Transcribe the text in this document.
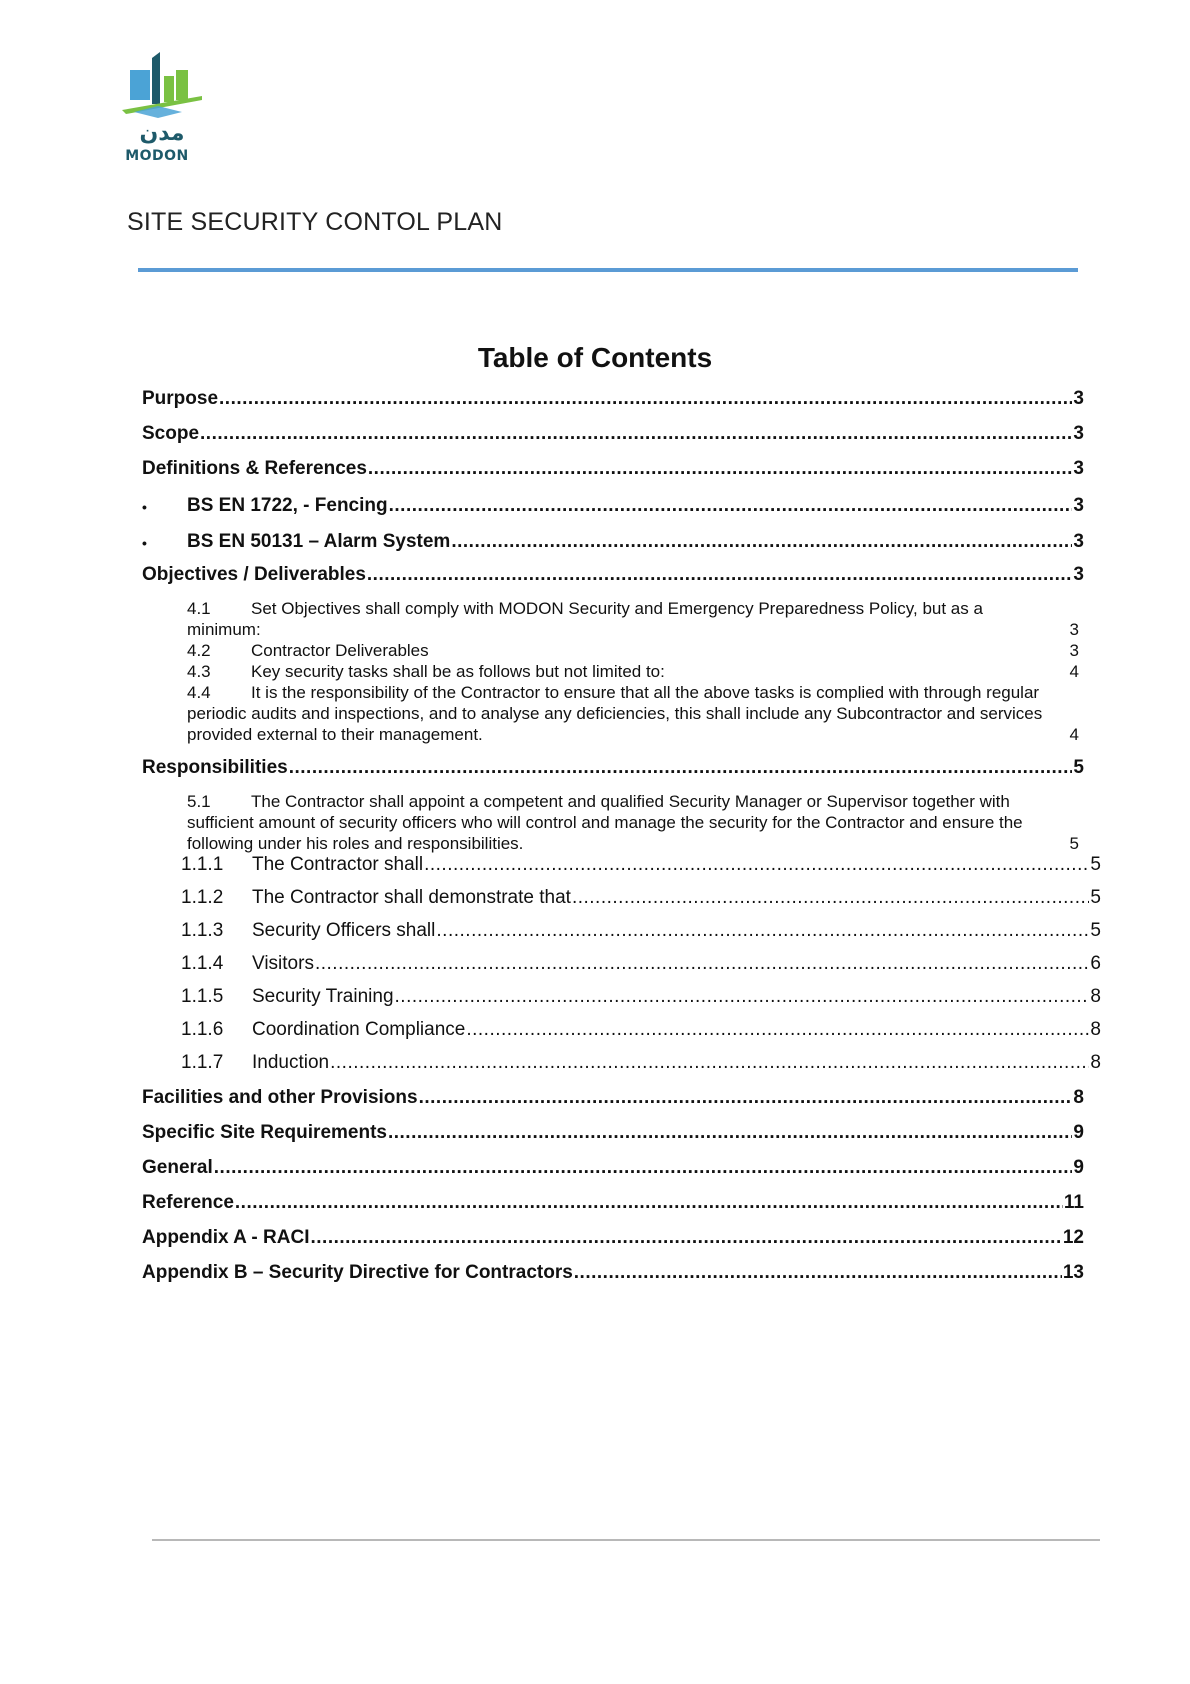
مدن
MODON
SITE SECURITY CONTOL PLAN
Table of Contents
Purpose .....	3
Scope .....	3
Definitions & References .....	3
• BS EN 1722, - Fencing .....	3
• BS EN 50131 – Alarm System .....	3
Objectives / Deliverables .....	3
4.1 Set Objectives shall comply with MODON Security and Emergency Preparedness Policy, but as a
minimum:	3
4.2 Contractor Deliverables	3
4.3 Key security tasks shall be as follows but not limited to:	4
4.4 It is the responsibility of the Contractor to ensure that all the above tasks is complied with through regular
periodic audits and inspections, and to analyse any deficiencies, this shall include any Subcontractor and services
provided external to their management.	4
Responsibilities .....	5
5.1 The Contractor shall appoint a competent and qualified Security Manager or Supervisor together with
sufficient amount of security officers who will control and manage the security for the Contractor and ensure the
following under his roles and responsibilities.	5
1.1.1 The Contractor shall .....	5
1.1.2 The Contractor shall demonstrate that .....	5
1.1.3 Security Officers shall .....	5
1.1.4 Visitors .....	6
1.1.5 Security Training .....	8
1.1.6 Coordination Compliance .....	8
1.1.7 Induction .....	8
Facilities and other Provisions .....	8
Specific Site Requirements .....	9
General .....	9
Reference .....	11
Appendix A - RACI .....	12
Appendix B – Security Directive for Contractors .....	13
